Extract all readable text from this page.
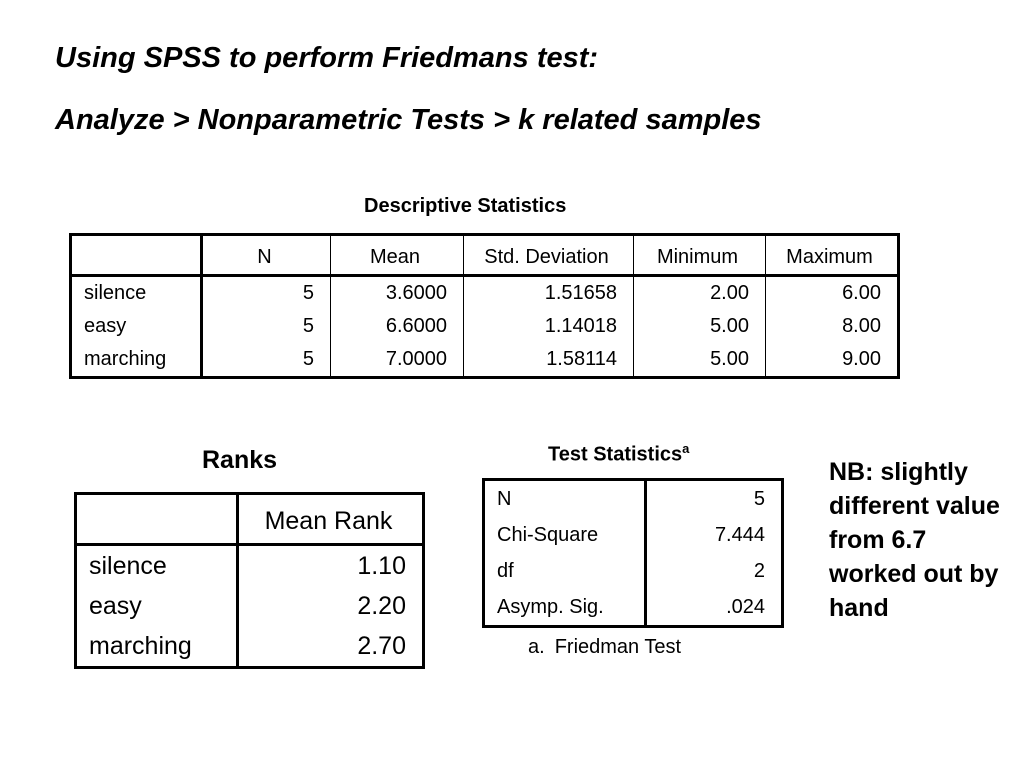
Using SPSS to perform Friedmans test:

Analyze > Nonparametric Tests > k related samples

Descriptive Statistics
	N	Mean	Std. Deviation	Minimum	Maximum
silence	5	3.6000	1.51658	2.00	6.00
easy	5	6.6000	1.14018	5.00	8.00
marching	5	7.0000	1.58114	5.00	9.00
Ranks
	Mean Rank
silence	1.10
easy	2.20
marching	2.70
Test Statistics$^a$
N	5
Chi-Square	7.444
df	2
Asymp. Sig.	.024
a. Friedman Test
NB: slightly different value from 6.7 worked out by hand
